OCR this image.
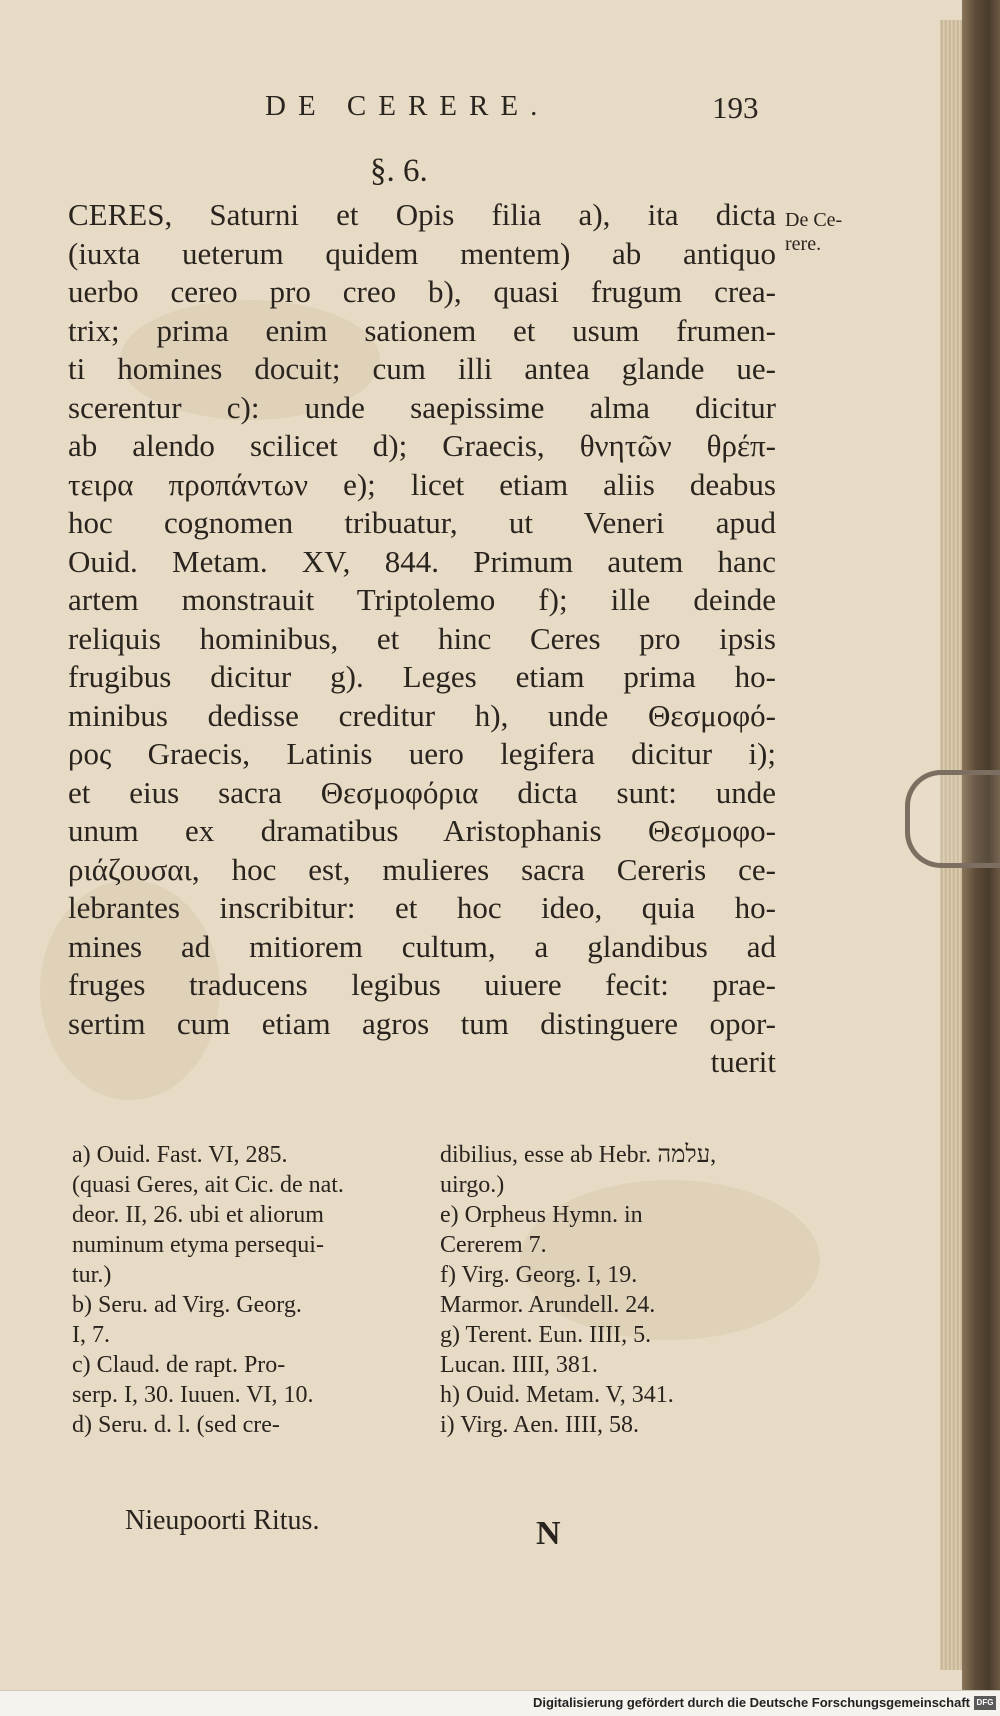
DE CERERE.	193
§. 6.
De Ce-
rere.
CERES, Saturni et Opis filia a), ita dicta
(iuxta ueterum quidem mentem) ab antiquo
uerbo cereo pro creo b), quasi frugum crea-
trix; prima enim sationem et usum frumen-
ti homines docuit; cum illi antea glande ue-
scerentur c): unde saepissime alma dicitur
ab alendo scilicet d); Graecis, θνητῶν θρέπ-
τειρα προπάντων e); licet etiam aliis deabus
hoc cognomen tribuatur, ut Veneri apud
Ouid. Metam. XV, 844. Primum autem hanc
artem monstrauit Triptolemo f); ille deinde
reliquis hominibus, et hinc Ceres pro ipsis
frugibus dicitur g). Leges etiam prima ho-
minibus dedisse creditur h), unde Θεσμοφό-
ρος Graecis, Latinis uero legifera dicitur i);
et eius sacra Θεσμοφόρια dicta sunt: unde
unum ex dramatibus Aristophanis Θεσμοφο-
ριάζουσαι, hoc est, mulieres sacra Cereris ce-
lebrantes inscribitur: et hoc ideo, quia ho-
mines ad mitiorem cultum, a glandibus ad
fruges traducens legibus uiuere fecit: prae-
sertim cum etiam agros tum distinguere opor-
tuerit
a) Ouid. Fast. VI, 285.
(quasi Geres, ait Cic. de nat.
deor. II, 26. ubi et aliorum
numinum etyma persequi-
tur.)
b) Seru. ad Virg. Georg.
I, 7.
c) Claud. de rapt. Pro-
serp. I, 30. Iuuen. VI, 10.
d) Seru. d. l. (sed cre-
dibilius, esse ab Hebr. עלמה,
uirgo.)
e) Orpheus Hymn. in
Cererem 7.
f) Virg. Georg. I, 19.
Marmor. Arundell. 24.
g) Terent. Eun. IIII, 5.
Lucan. IIII, 381.
h) Ouid. Metam. V, 341.
i) Virg. Aen. IIII, 58.
Nieupoorti Ritus.	N
Digitalisierung gefördert durch die Deutsche Forschungsgemeinschaft DFG
